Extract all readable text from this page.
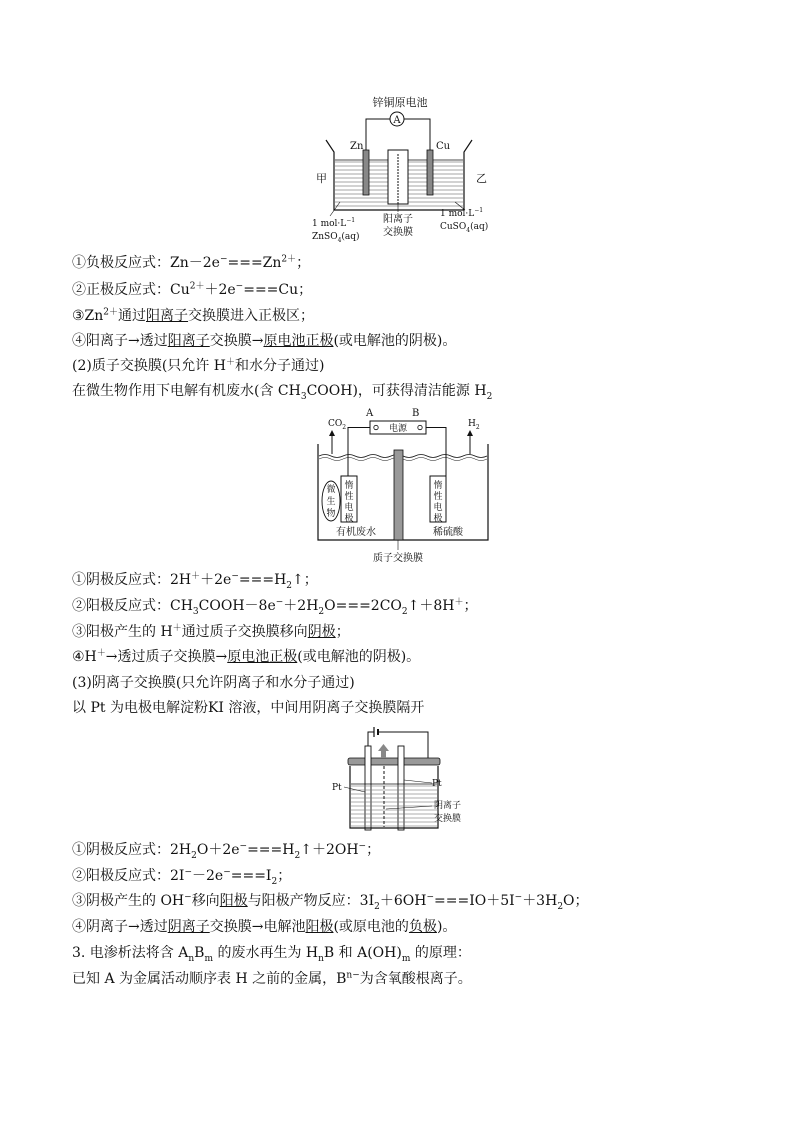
锌铜原电池
A
Zn	Cu
甲	乙
1 $mol\cdot L^{-1}$
ZnSO$_4$(aq)
阳离子
交换膜
1 $mol\cdot L^{-1}$
CuSO$_4$(aq)
①负极反应式：$Zn-2e^-===Zn^{2+}$；
②正极反应式：$Cu^{2+}+2e^-===Cu$；
$③Zn^{2+}$通过阳离子交换膜进入正极区；
④阳离子→透过阳离子交换膜→原电池正极(或电解池的阴极)。
(2)质子交换膜(只允许 H＋和水分子通过)
在微生物作用下电解有机废水(含 $CH_3COOH$)，可获得清洁能源 $H_2$
A	B
电源
$CO_2$	$H_2$
惰
性
电
极
惰
性
电
极
微
生
物
有机废水	稀硫酸
质子交换膜
①阴极反应式：$2H^++2e^-===H_2↑$；
②阳极反应式：$CH_3COOH-8e^-+2H_2O===2CO_2↑+8H^+$；
③阳极产生的 H＋通过质子交换膜移向阴极；
④H＋→透过质子交换膜→原电池正极(或电解池的阴极)。
(3)阴离子交换膜(只允许阴离子和水分子通过)
以 Pt 为电极电解淀粉KI 溶液，中间用阴离子交换膜隔开
Pt	Pt
阴离子
交换膜
①阴极反应式：$2H_2O+2e^-===H_2↑+2OH^-$；
②阳极反应式：$2I^--2e^-===I_2$；
③阴极产生的 OH−移向阳极与阳极产物反应：$3I_2+6OH^-===IO+5I^-+3H_2O$；
④阴离子→透过阴离子交换膜→电解池阳极(或原电池的负极)。
3. 电渗析法将含 $A_nB_m$ 的废水再生为 $H_nB$ 和 $A(OH)_m$ 的原理：
已知 A 为金属活动顺序表 H 之前的金属，$B^{n-}$为含氧酸根离子。
